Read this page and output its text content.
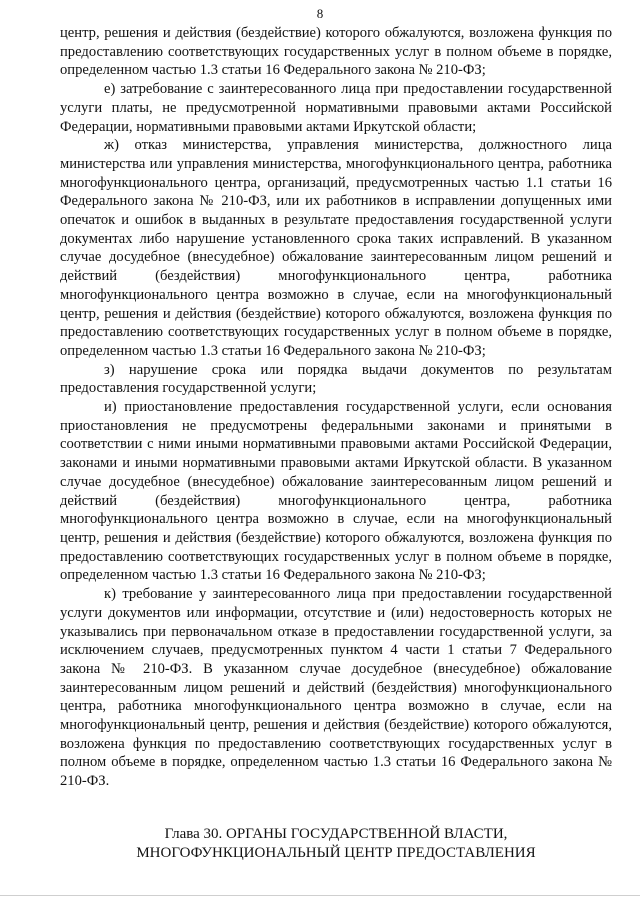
8

центр, решения и действия (бездействие) которого обжалуются, возложена функция по предоставлению соответствующих государственных услуг в полном объеме в порядке, определенном частью 1.3 статьи 16 Федерального закона № 210-ФЗ;

е) затребование с заинтересованного лица при предоставлении государственной услуги платы, не предусмотренной нормативными правовыми актами Российской Федерации, нормативными правовыми актами Иркутской области;

ж) отказ министерства, управления министерства, должностного лица министерства или управления министерства, многофункционального центра, работника многофункционального центра, организаций, предусмотренных частью 1.1 статьи 16 Федерального закона № 210-ФЗ, или их работников в исправлении допущенных ими опечаток и ошибок в выданных в результате предоставления государственной услуги документах либо нарушение установленного срока таких исправлений. В указанном случае досудебное (внесудебное) обжалование заинтересованным лицом решений и действий (бездействия) многофункционального центра, работника многофункционального центра возможно в случае, если на многофункциональный центр, решения и действия (бездействие) которого обжалуются, возложена функция по предоставлению соответствующих государственных услуг в полном объеме в порядке, определенном частью 1.3 статьи 16 Федерального закона № 210-ФЗ;

з) нарушение срока или порядка выдачи документов по результатам предоставления государственной услуги;

и) приостановление предоставления государственной услуги, если основания приостановления не предусмотрены федеральными законами и принятыми в соответствии с ними иными нормативными правовыми актами Российской Федерации, законами и иными нормативными правовыми актами Иркутской области. В указанном случае досудебное (внесудебное) обжалование заинтересованным лицом решений и действий (бездействия) многофункционального центра, работника многофункционального центра возможно в случае, если на многофункциональный центр, решения и действия (бездействие) которого обжалуются, возложена функция по предоставлению соответствующих государственных услуг в полном объеме в порядке, определенном частью 1.3 статьи 16 Федерального закона № 210-ФЗ;

к) требование у заинтересованного лица при предоставлении государственной услуги документов или информации, отсутствие и (или) недостоверность которых не указывались при первоначальном отказе в предоставлении государственной услуги, за исключением случаев, предусмотренных пунктом 4 части 1 статьи 7 Федерального закона № 210-ФЗ. В указанном случае досудебное (внесудебное) обжалование заинтересованным лицом решений и действий (бездействия) многофункционального центра, работника многофункционального центра возможно в случае, если на многофункциональный центр, решения и действия (бездействие) которого обжалуются, возложена функция по предоставлению соответствующих государственных услуг в полном объеме в порядке, определенном частью 1.3 статьи 16 Федерального закона № 210-ФЗ.

Глава 30. ОРГАНЫ ГОСУДАРСТВЕННОЙ ВЛАСТИ,
МНОГОФУНКЦИОНАЛЬНЫЙ ЦЕНТР ПРЕДОСТАВЛЕНИЯ
